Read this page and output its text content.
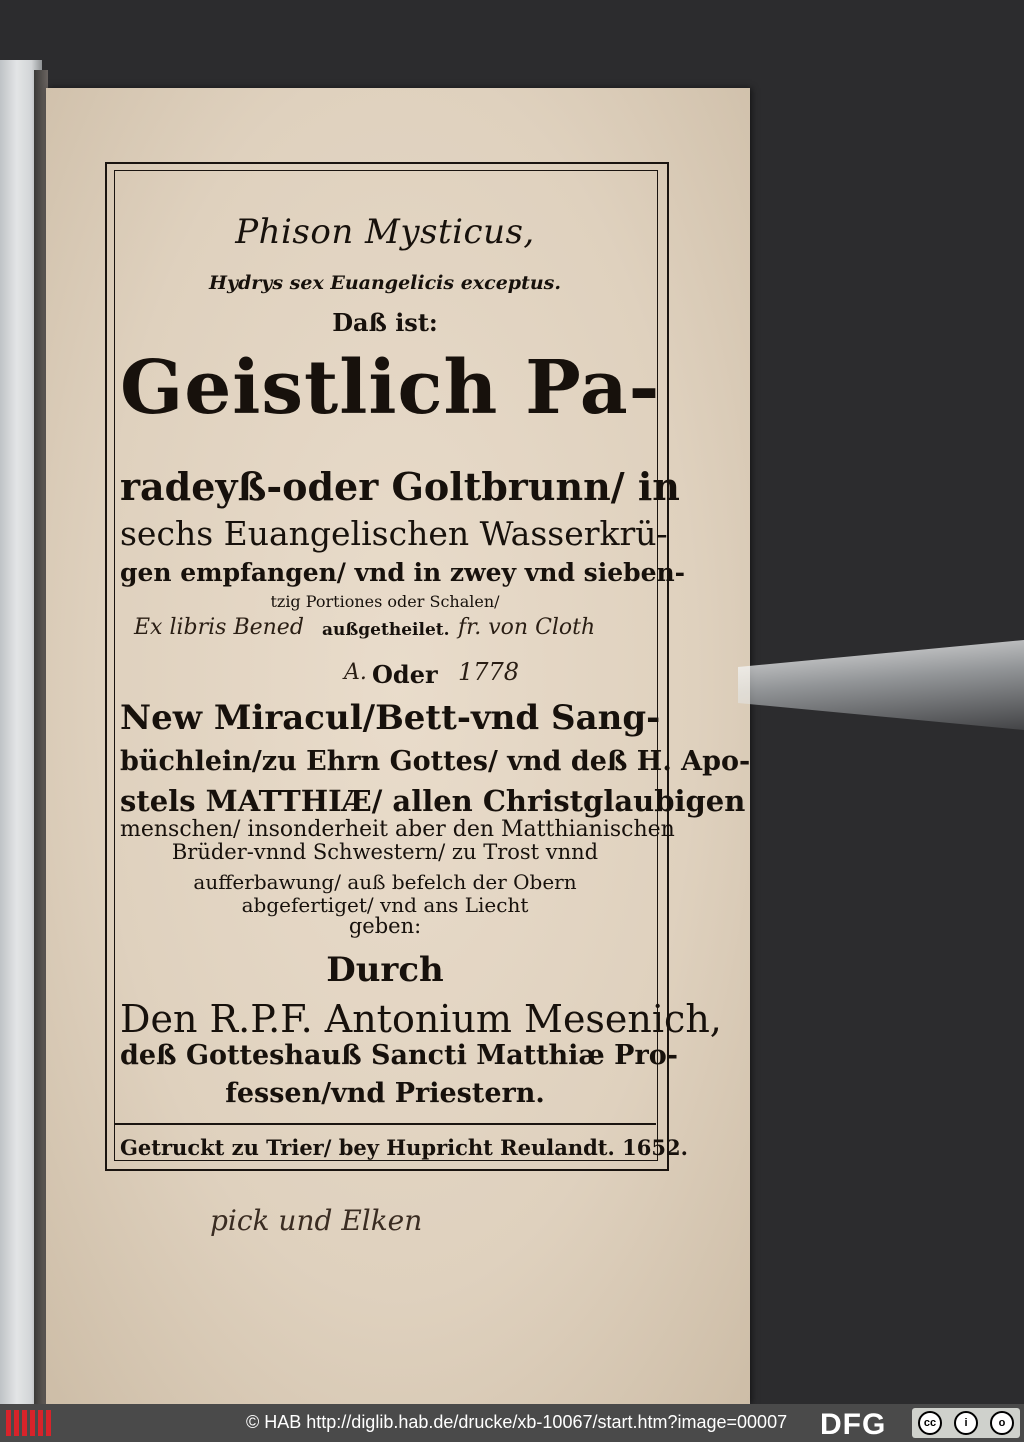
Phison Mysticus,
Hydrys sex Euangelicis exceptus.
Daß ist:
Geistlich Pa-
radeyß-oder Goltbrunn/ in
sechs Euangelischen Wasserkrü-
gen empfangen/ vnd in zwey vnd sieben-
tzig Portiones oder Schalen/
Ex libris Bened außgetheilet. fr. von Cloth
A. Oder 1778
New Miracul/Bett-vnd Sang-
büchlein/zu Ehrn Gottes/ vnd deß H. Apo-
stels MATTHIÆ/ allen Christglaubigen
menschen/ insonderheit aber den Matthianischen
Brüder-vnnd Schwestern/ zu Trost vnnd
aufferbawung/ auß befelch der Obern
abgefertiget/ vnd ans Liecht
geben:
Durch
Den R.P.F. Antonium Mesenich,
deß Gotteshauß Sancti Matthiæ Pro-
fessen/vnd Priestern.
Getruckt zu Trier/ bey Hupricht Reulandt. 1652.
pick und Elken
© HAB http://diglib.hab.de/drucke/xb-10067/start.htm?image=00007 DFG	cc	i	o
